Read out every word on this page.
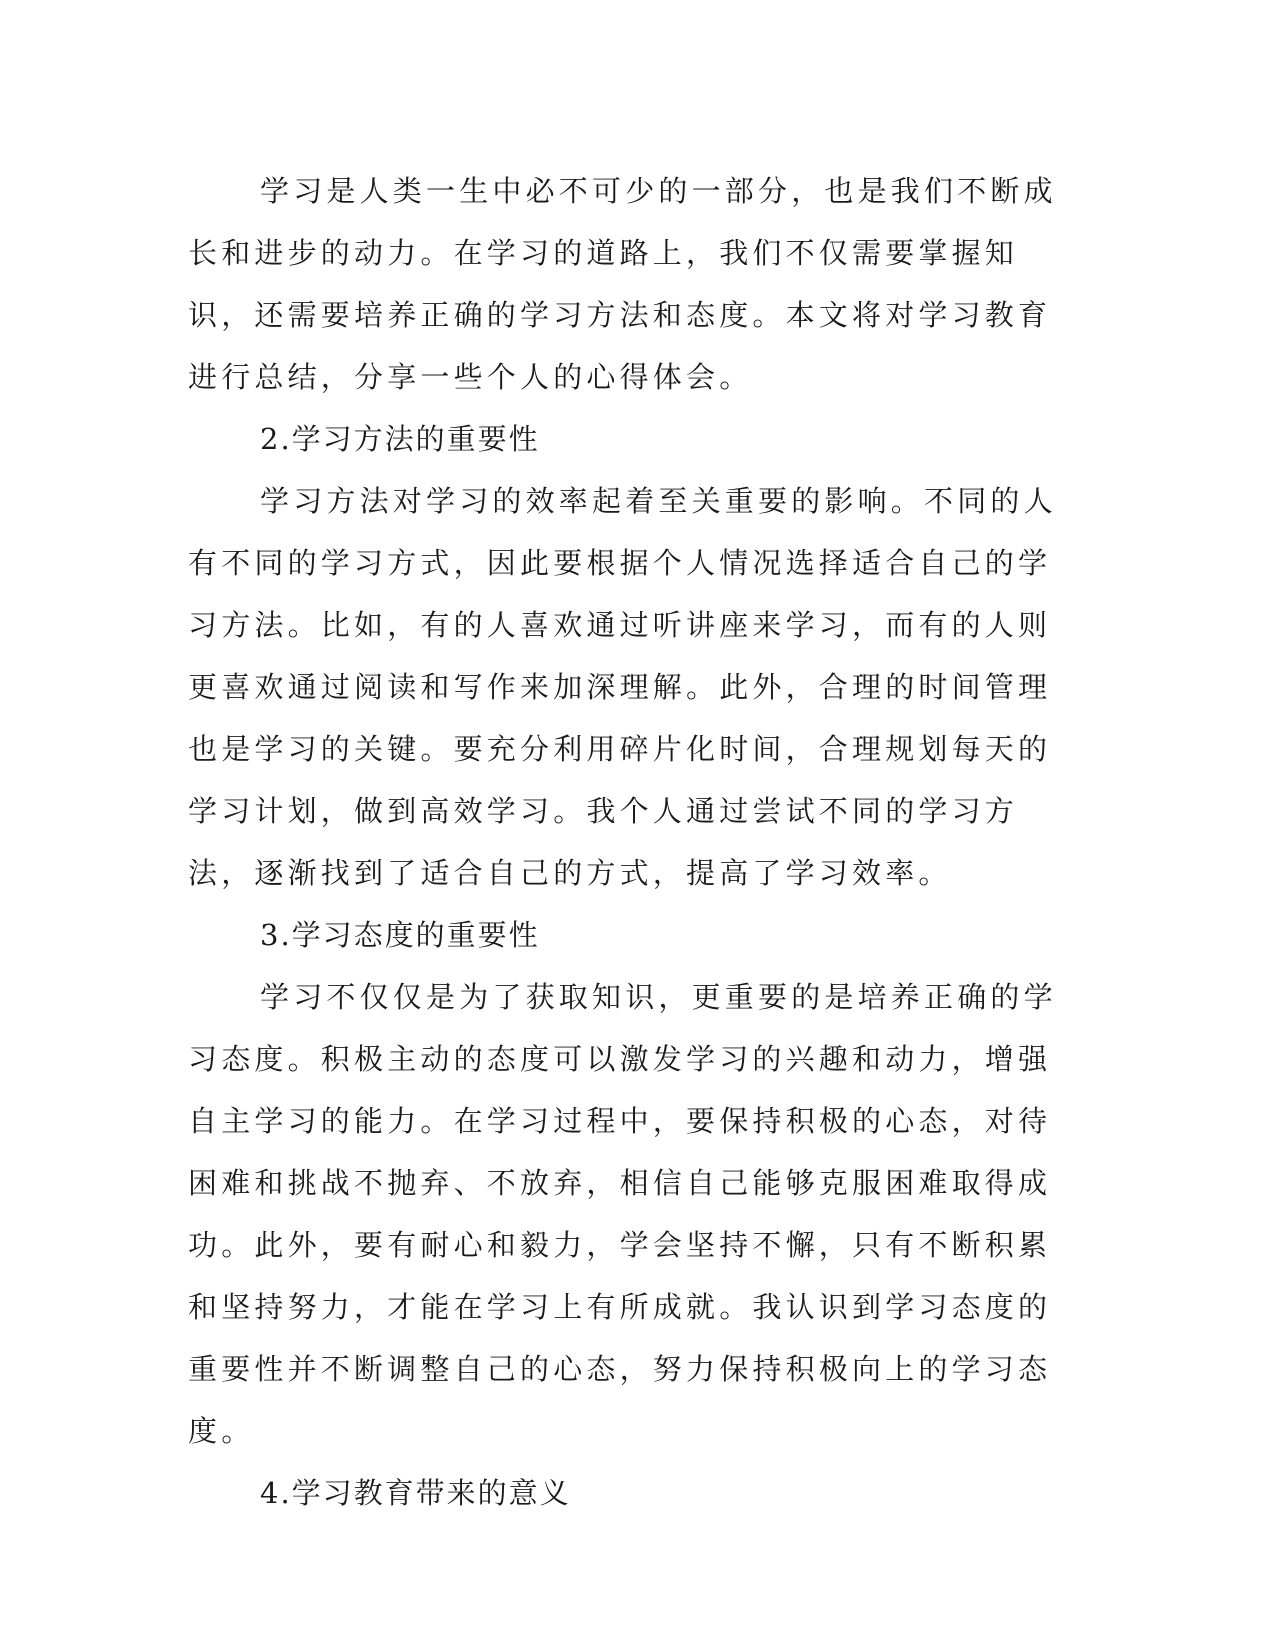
学习是人类一生中必不可少的一部分，也是我们不断成长和进步的动力。在学习的道路上，我们不仅需要掌握知识，还需要培养正确的学习方法和态度。本文将对学习教育进行总结，分享一些个人的心得体会。

2.学习方法的重要性

学习方法对学习的效率起着至关重要的影响。不同的人有不同的学习方式，因此要根据个人情况选择适合自己的学习方法。比如，有的人喜欢通过听讲座来学习，而有的人则更喜欢通过阅读和写作来加深理解。此外，合理的时间管理也是学习的关键。要充分利用碎片化时间，合理规划每天的学习计划，做到高效学习。我个人通过尝试不同的学习方法，逐渐找到了适合自己的方式，提高了学习效率。

3.学习态度的重要性

学习不仅仅是为了获取知识，更重要的是培养正确的学习态度。积极主动的态度可以激发学习的兴趣和动力，增强自主学习的能力。在学习过程中，要保持积极的心态，对待困难和挑战不抛弃、不放弃，相信自己能够克服困难取得成功。此外，要有耐心和毅力，学会坚持不懈，只有不断积累和坚持努力，才能在学习上有所成就。我认识到学习态度的重要性并不断调整自己的心态，努力保持积极向上的学习态度。

4.学习教育带来的意义
